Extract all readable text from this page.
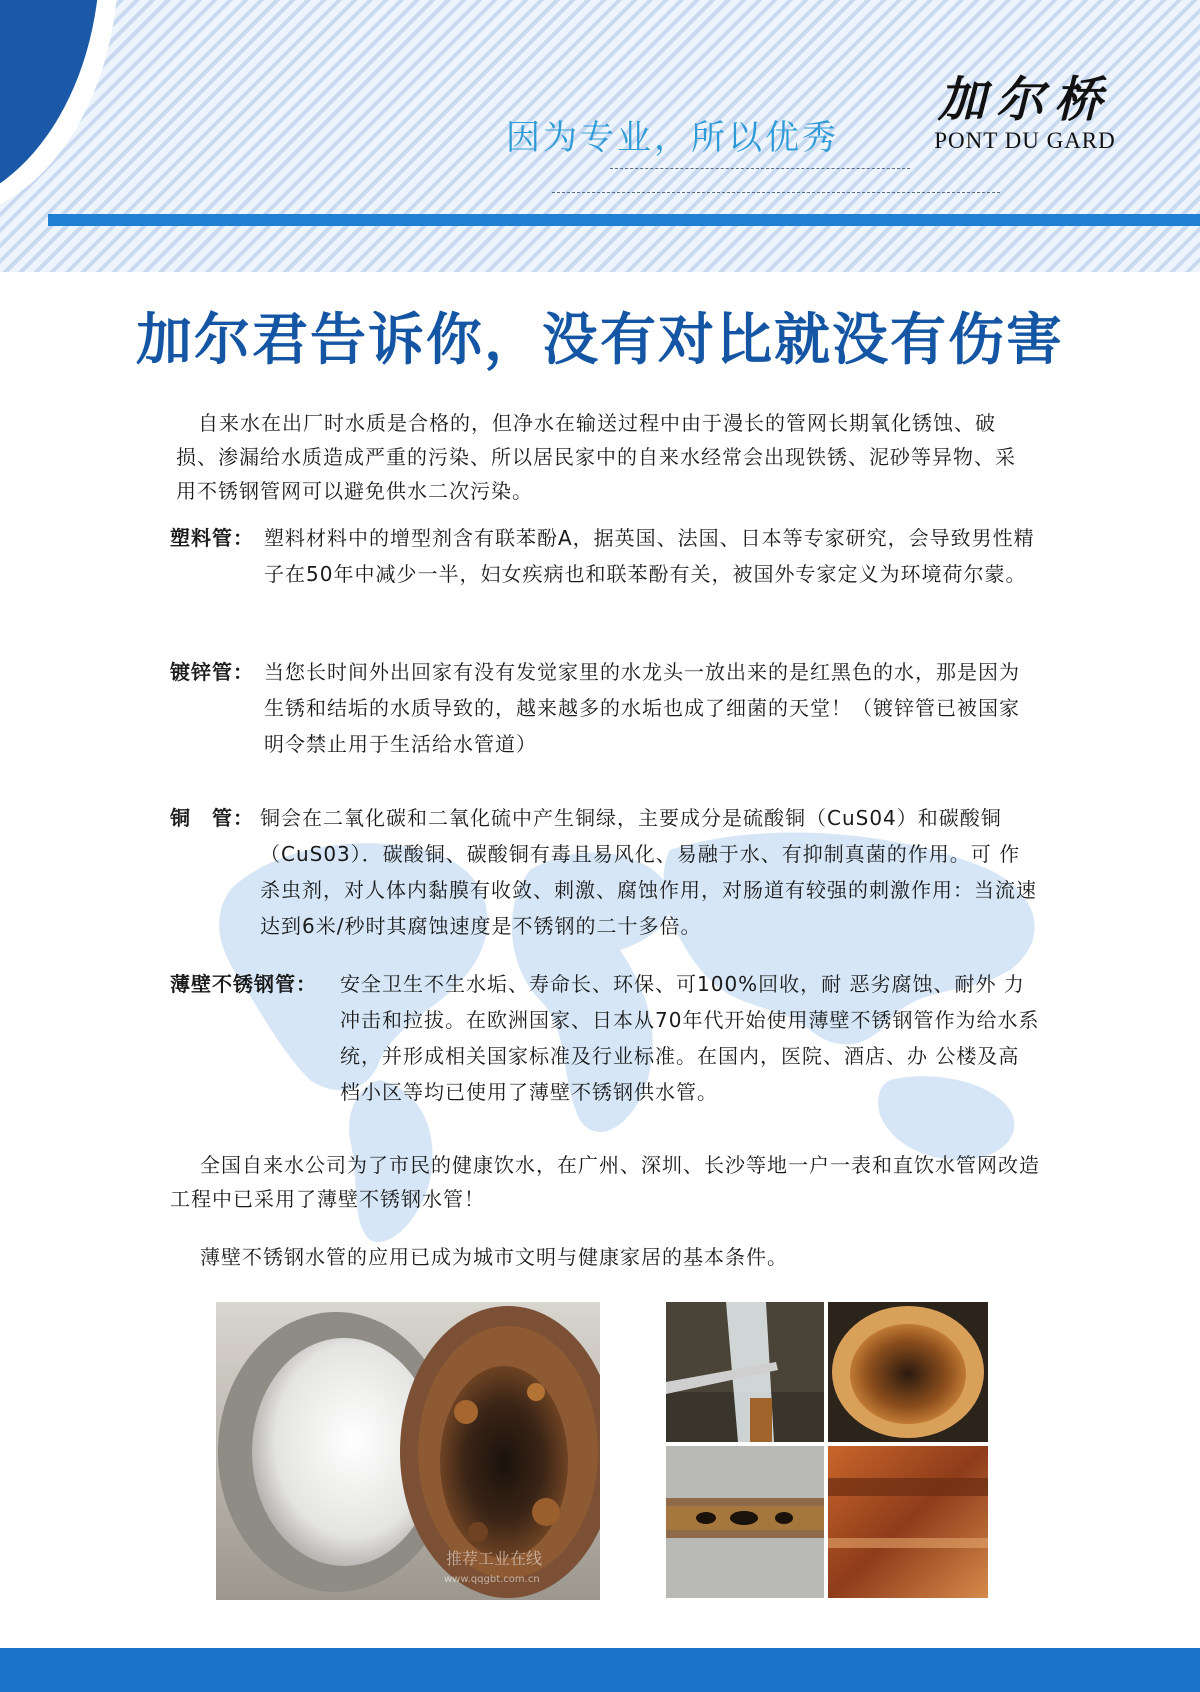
因为专业，所以优秀
加尔桥
PONT DU GARD
加尔君告诉你，没有对比就没有伤害

自来水在出厂时水质是合格的，但净水在输送过程中由于漫长的管网长期氧化锈蚀、破损、渗漏给水质造成严重的污染、所以居民家中的自来水经常会出现铁锈、泥砂等异物、采用不锈钢管网可以避免供水二次污染。

塑料管： 塑料材料中的增型剂含有联苯酚A，据英国、法国、日本等专家研究，会导致男性精子在50年中减少一半，妇女疾病也和联苯酚有关，被国外专家定义为环境荷尔蒙。

镀锌管： 当您长时间外出回家有没有发觉家里的水龙头一放出来的是红黑色的水，那是因为生锈和结垢的水质导致的，越来越多的水垢也成了细菌的天堂！（镀锌管已被国家明令禁止用于生活给水管道）

铜　管： 铜会在二氧化碳和二氧化硫中产生铜绿，主要成分是硫酸铜（CuS04）和碳酸铜（CuS03）．碳酸铜、碳酸铜有毒且易风化、易融于水、有抑制真菌的作用。可 作杀虫剂，对人体内黏膜有收敛、刺激、腐蚀作用，对肠道有较强的刺激作用：当流速达到6米/秒时其腐蚀速度是不锈钢的二十多倍。

薄壁不锈钢管： 安全卫生不生水垢、寿命长、环保、可100%回收，耐 恶劣腐蚀、耐外 力冲击和拉拔。在欧洲国家、日本从70年代开始使用薄壁不锈钢管作为给水系统，并形成相关国家标准及行业标准。在国内，医院、酒店、办 公楼及高档小区等均已使用了薄壁不锈钢供水管。

全国自来水公司为了市民的健康饮水，在广州、深圳、长沙等地一户一表和直饮水管网改造工程中已采用了薄壁不锈钢水管！

薄壁不锈钢水管的应用已成为城市文明与健康家居的基本条件。

推荐工业在线
www.qqgbt.com.cn
